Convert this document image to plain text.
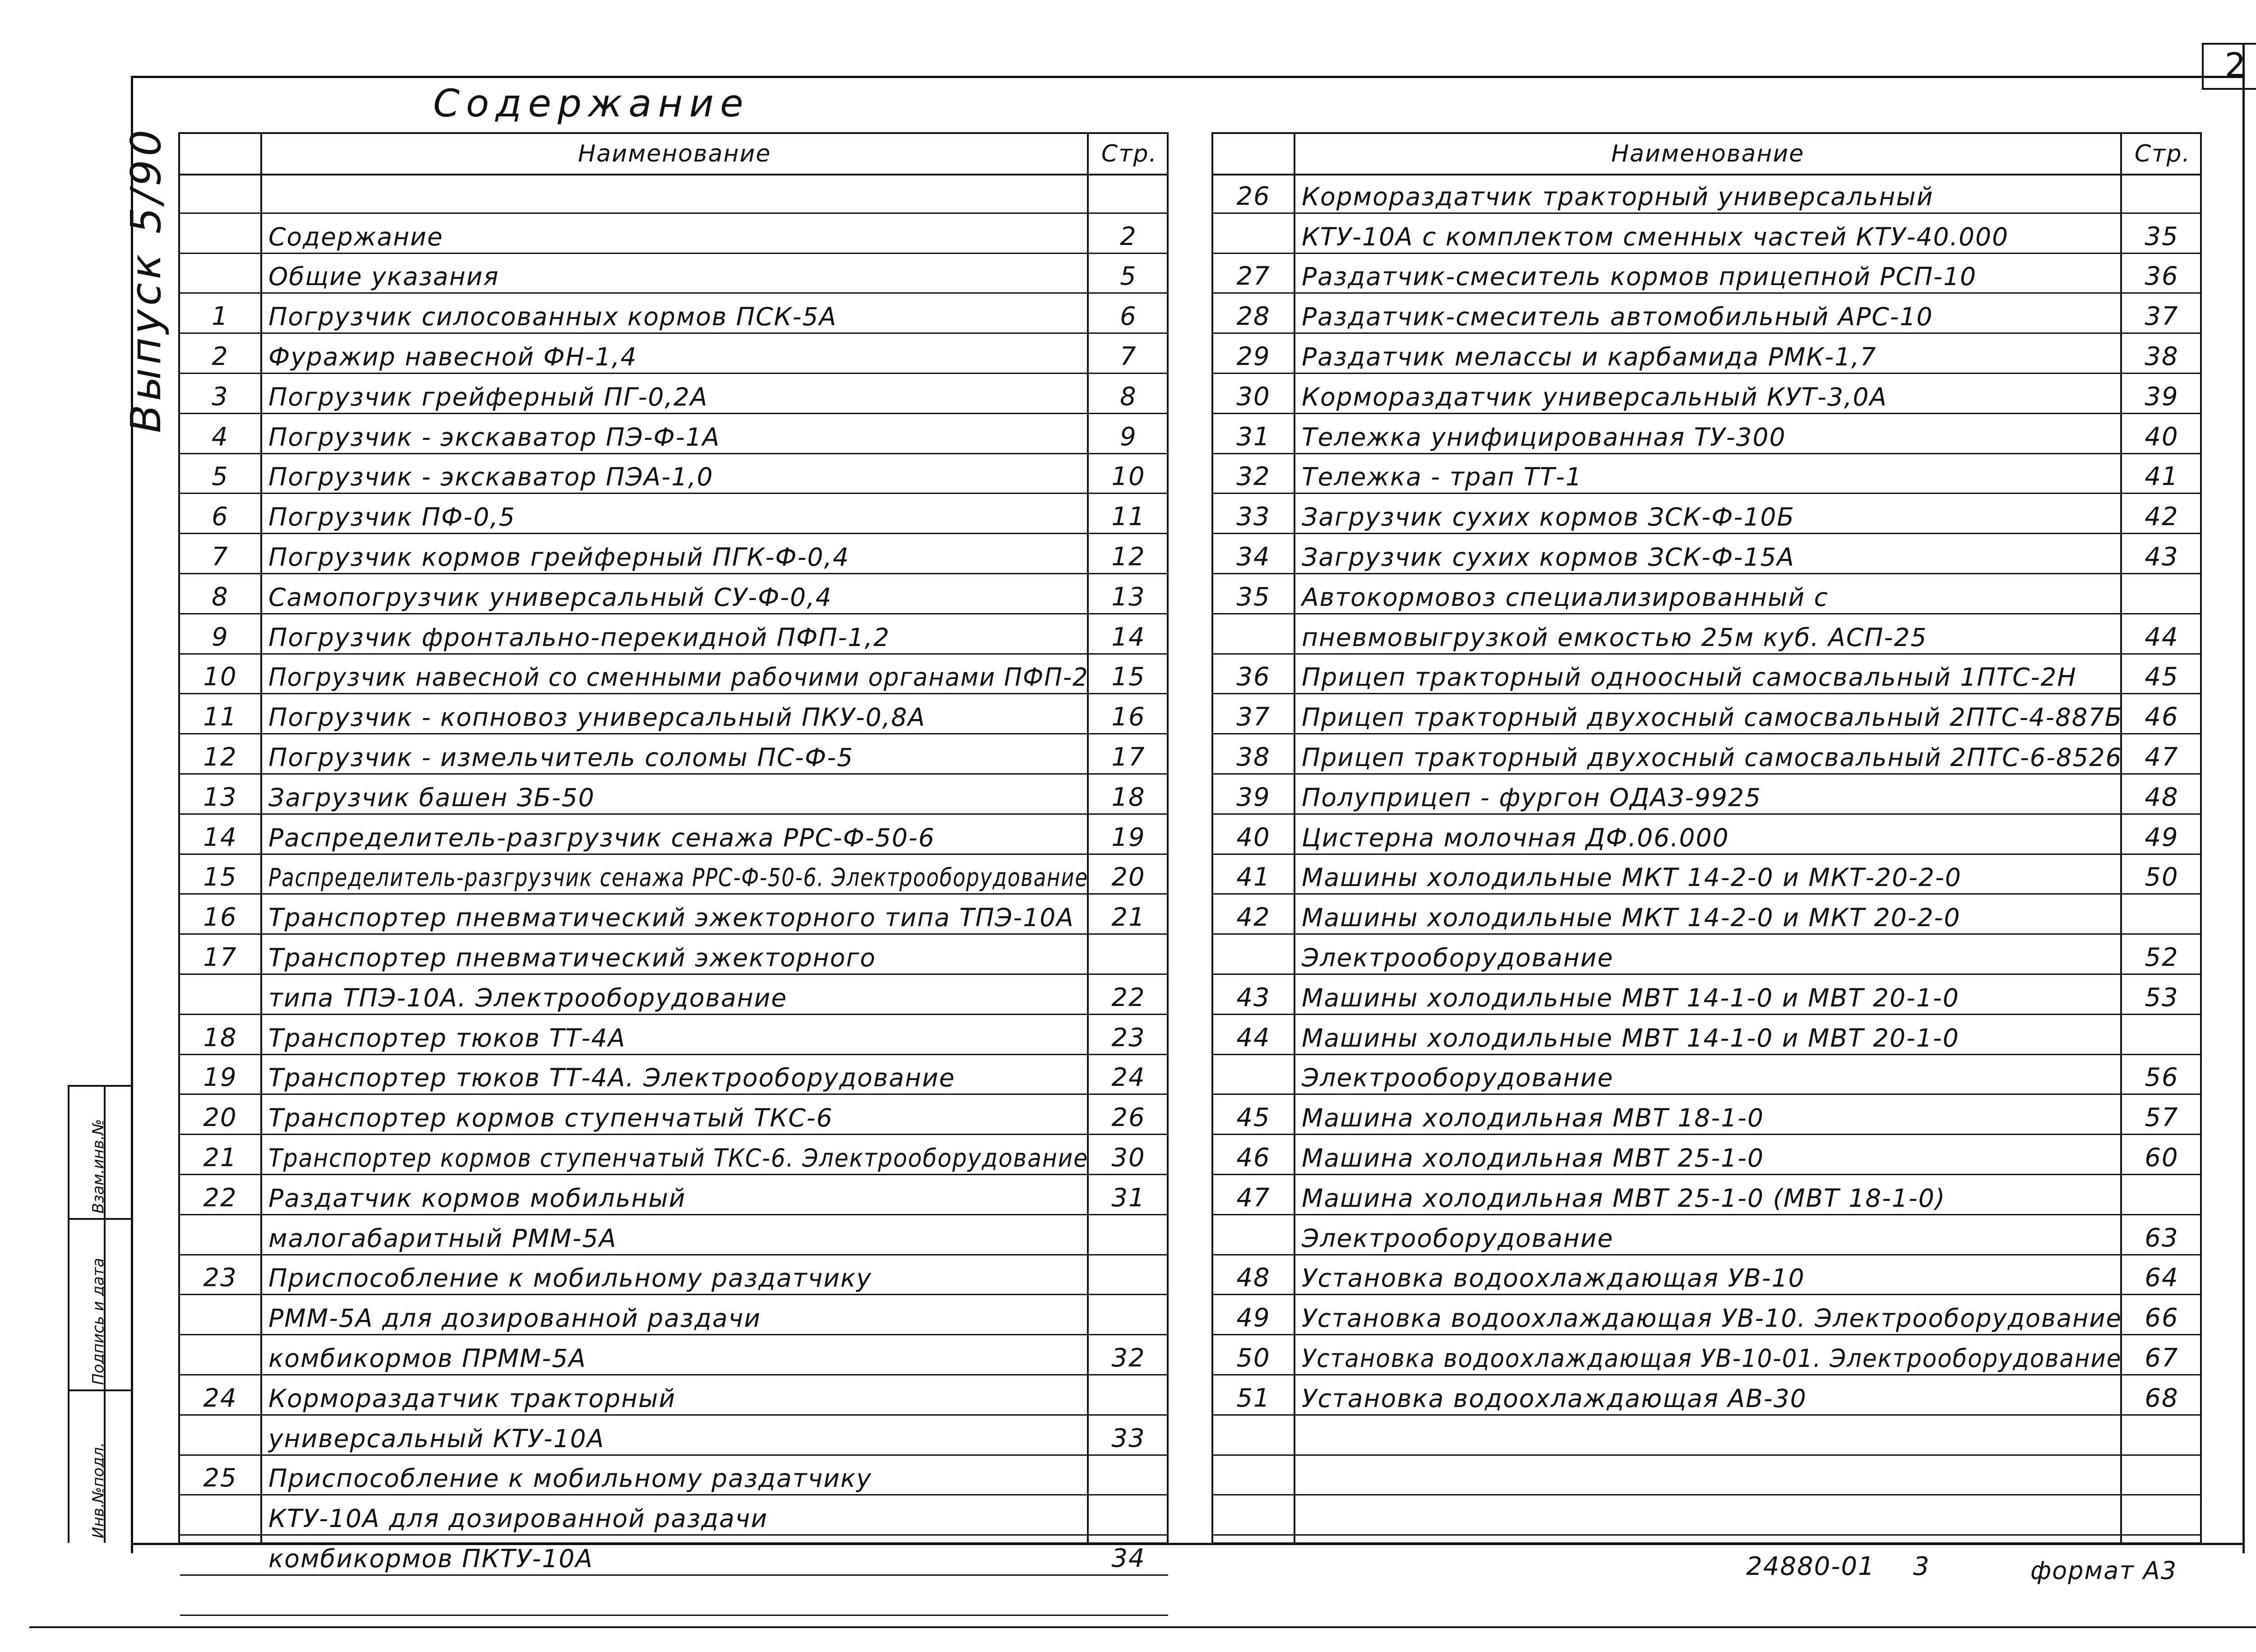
2
Содержание
Выпуск 5/90
Инв.№подл.
Подпись и дата
Взам.инв.№
Наименование	Стр.
Содержание	2
Общие указания	5
1	Погрузчик силосованных кормов ПСК-5А	6
2	Фуражир навесной ФН-1,4	7
3	Погрузчик грейферный ПГ-0,2А	8
4	Погрузчик - экскаватор ПЭ-Ф-1А	9
5	Погрузчик - экскаватор ПЭА-1,0	10
6	Погрузчик ПФ-0,5	11
7	Погрузчик кормов грейферный ПГК-Ф-0,4	12
8	Самопогрузчик универсальный СУ-Ф-0,4	13
9	Погрузчик фронтально-перекидной ПФП-1,2	14
10	Погрузчик навесной со сменными рабочими органами ПФП-2 15
11	Погрузчик - копновоз универсальный ПКУ-0,8А	16
12	Погрузчик - измельчитель соломы ПС-Ф-5	17
13	Загрузчик башен ЗБ-50	18
14	Распределитель-разгрузчик сенажа РРС-Ф-50-6	19
15	Распределитель-разгрузчик сенажа РРС-Ф-50-6. Электрооборудование 20
16	Транспортер пневматический эжекторного типа ТПЭ-10А	21
17	Транспортер пневматический эжекторного
типа ТПЭ-10А. Электрооборудование	22
18	Транспортер тюков ТТ-4А	23
19	Транспортер тюков ТТ-4А. Электрооборудование	24
20	Транспортер кормов ступенчатый ТКС-6	26
21	Транспортер кормов ступенчатый ТКС-6. Электрооборудование 30
22	Раздатчик кормов мобильный	31
малогабаритный РММ-5А
23	Приспособление к мобильному раздатчику
РММ-5А для дозированной раздачи
комбикормов ПРММ-5А	32
24	Кормораздатчик тракторный
универсальный КТУ-10А	33
25	Приспособление к мобильному раздатчику
КТУ-10А для дозированной раздачи
комбикормов ПКТУ-10А	34
Наименование	Стр.
26	Кормораздатчик тракторный универсальный
КТУ-10А с комплектом сменных частей КТУ-40.000	35
27	Раздатчик-смеситель кормов прицепной РСП-10	36
28	Раздатчик-смеситель автомобильный АРС-10	37
29	Раздатчик мелассы и карбамида РМК-1,7	38
30	Кормораздатчик универсальный КУТ-3,0А	39
31	Тележка унифицированная ТУ-300	40
32	Тележка - трап ТТ-1	41
33	Загрузчик сухих кормов ЗСК-Ф-10Б	42
34	Загрузчик сухих кормов ЗСК-Ф-15А	43
35	Автокормовоз специализированный с
пневмовыгрузкой емкостью 25м куб. АСП-25	44
36	Прицеп тракторный одноосный самосвальный 1ПТС-2Н	45
37	Прицеп тракторный двухосный самосвальный 2ПТС-4-887Б 46
38	Прицеп тракторный двухосный самосвальный 2ПТС-6-8526 47
39	Полуприцеп - фургон ОДАЗ-9925	48
40	Цистерна молочная ДФ.06.000	49
41	Машины холодильные МКТ 14-2-0 и МКТ-20-2-0	50
42	Машины холодильные МКТ 14-2-0 и МКТ 20-2-0
Электрооборудование	52
43	Машины холодильные МВТ 14-1-0 и МВТ 20-1-0	53
44	Машины холодильные МВТ 14-1-0 и МВТ 20-1-0
Электрооборудование	56
45	Машина холодильная МВТ 18-1-0	57
46	Машина холодильная МВТ 25-1-0	60
47	Машина холодильная МВТ 25-1-0 (МВТ 18-1-0)
Электрооборудование	63
48	Установка водоохлаждающая УВ-10	64
49	Установка водоохлаждающая УВ-10. Электрооборудование 66
50	Установка водоохлаждающая УВ-10-01. Электрооборудование 67
51	Установка водоохлаждающая АВ-30	68
24880-01 3	формат А3
